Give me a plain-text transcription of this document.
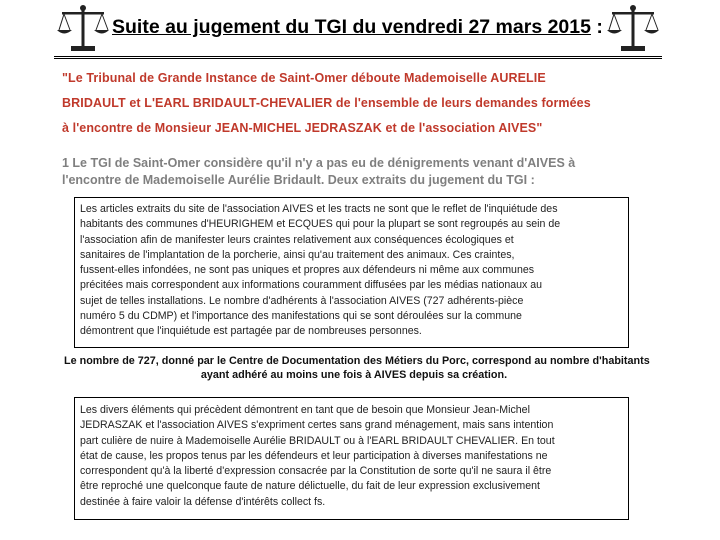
Suite au jugement du TGI du vendredi 27 mars 2015 :
"Le Tribunal de Grande Instance de Saint-Omer déboute Mademoiselle AURELIE
BRIDAULT et L'EARL BRIDAULT-CHEVALIER de l'ensemble de leurs demandes formées
à l'encontre de Monsieur JEAN-MICHEL JEDRASZAK et de l'association AIVES"
1 Le TGI de Saint-Omer considère qu'il n'y a pas eu de dénigrements venant d'AIVES à
l'encontre de Mademoiselle Aurélie Bridault. Deux extraits du jugement du TGI :
Les articles extraits du site de l'association AIVES et les tracts ne sont que le reflet de l'inquiétude des
habitants des communes d'HEURIGHEM et ECQUES qui pour la plupart se sont regroupés au sein de
l'association afin de manifester leurs craintes relativement aux conséquences écologiques et
sanitaires de l'implantation de la porcherie, ainsi qu'au traitement des animaux. Ces craintes,
fussent-elles infondées, ne sont pas uniques et propres aux défendeurs ni même aux communes
précitées mais correspondent aux informations couramment diffusées par les médias nationaux au
sujet de telles installations. Le nombre d'adhérents à l'association AIVES (727 adhérents-pièce
numéro 5 du CDMP) et l'importance des manifestations qui se sont déroulées sur la commune
démontrent que l'inquiétude est partagée par de nombreuses personnes.
Le nombre de 727, donné par le Centre de Documentation des Métiers du Porc, correspond au nombre d'habitants
ayant adhéré au moins une fois à AIVES depuis sa création.
Les divers éléments qui précèdent démontrent en tant que de besoin que Monsieur Jean-Michel
JEDRASZAK et l'association AIVES s'expriment certes sans grand ménagement, mais sans intention
part culière de nuire à Mademoiselle Aurélie BRIDAULT ou à l'EARL BRIDAULT CHEVALIER. En tout
état de cause, les propos tenus par les défendeurs et leur participation à diverses manifestations ne
correspondent qu'à la liberté d'expression consacrée par la Constitution de sorte qu'il ne saura il être
être reproché une quelconque faute de nature délictuelle, du fait de leur expression exclusivement
destinée à faire valoir la défense d'intérêts collect fs.
